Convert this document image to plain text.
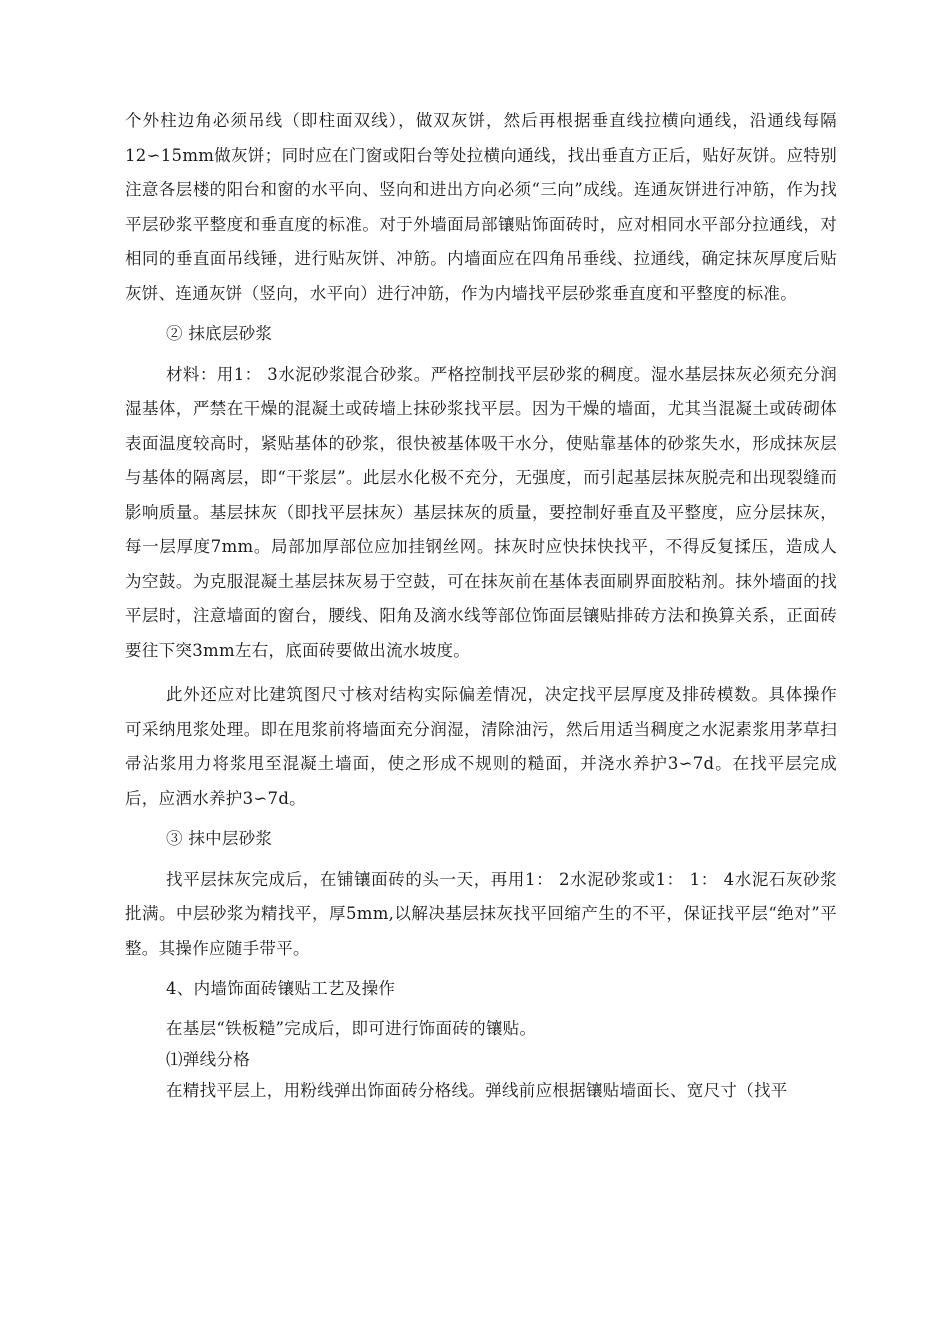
个外柱边角必须吊线（即柱面双线），做双灰饼，然后再根据垂直线拉横向通线，沿通线每隔12∽15mm做灰饼；同时应在门窗或阳台等处拉横向通线，找出垂直方正后，贴好灰饼。应特别注意各层楼的阳台和窗的水平向、竖向和进出方向必须“三向”成线。连通灰饼进行冲筋，作为找平层砂浆平整度和垂直度的标准。对于外墙面局部镶贴饰面砖时，应对相同水平部分拉通线，对相同的垂直面吊线锤，进行贴灰饼、冲筋。内墙面应在四角吊垂线、拉通线，确定抹灰厚度后贴灰饼、连通灰饼（竖向，水平向）进行冲筋，作为内墙找平层砂浆垂直度和平整度的标准。

② 抹底层砂浆

材料：用1： 3水泥砂浆混合砂浆。严格控制找平层砂浆的稠度。湿水基层抹灰必须充分润湿基体，严禁在干燥的混凝土或砖墙上抹砂浆找平层。因为干燥的墙面，尤其当混凝土或砖砌体表面温度较高时，紧贴基体的砂浆，很快被基体吸干水分，使贴靠基体的砂浆失水，形成抹灰层与基体的隔离层，即“干浆层”。此层水化极不充分，无强度，而引起基层抹灰脱壳和出现裂缝而影响质量。基层抹灰（即找平层抹灰）基层抹灰的质量，要控制好垂直及平整度，应分层抹灰，每一层厚度7mm。局部加厚部位应加挂钢丝网。抹灰时应快抹快找平，不得反复揉压，造成人为空鼓。为克服混凝土基层抹灰易于空鼓，可在抹灰前在基体表面刷界面胶粘剂。抹外墙面的找平层时，注意墙面的窗台，腰线、阳角及滴水线等部位饰面层镶贴排砖方法和换算关系，正面砖要往下突3mm左右，底面砖要做出流水坡度。

此外还应对比建筑图尺寸核对结构实际偏差情况，决定找平层厚度及排砖模数。具体操作可采纳甩浆处理。即在甩浆前将墙面充分润湿，清除油污，然后用适当稠度之水泥素浆用茅草扫帚沾浆用力将浆甩至混凝土墙面，使之形成不规则的糙面，并浇水养护3∽7d。在找平层完成后，应洒水养护3∽7d。

③ 抹中层砂浆

找平层抹灰完成后，在铺镶面砖的头一天，再用1： 2水泥砂浆或1： 1： 4水泥石灰砂浆批满。中层砂浆为精找平，厚5mm,以解决基层抹灰找平回缩产生的不平，保证找平层“绝对”平整。其操作应随手带平。

4、内墙饰面砖镶贴工艺及操作

在基层“铁板糙”完成后，即可进行饰面砖的镶贴。

⑴弹线分格

在精找平层上，用粉线弹出饰面砖分格线。弹线前应根据镶贴墙面长、宽尺寸（找平
